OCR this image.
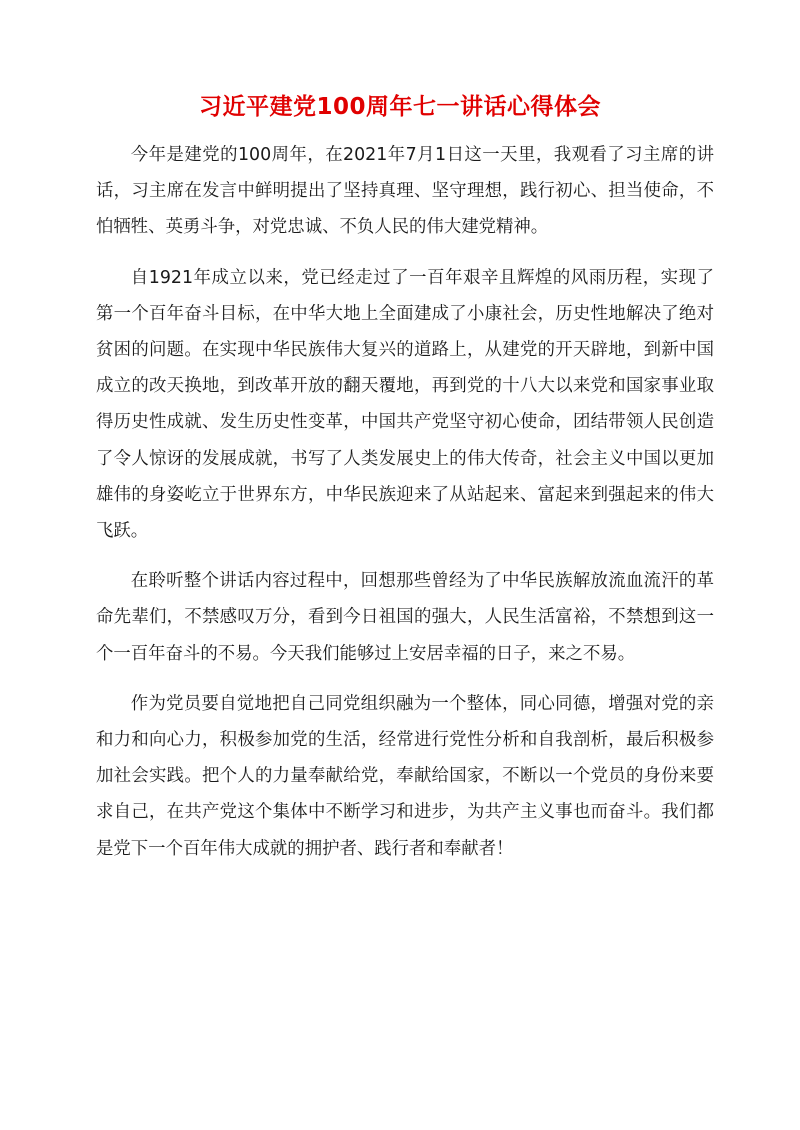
习近平建党100周年七一讲话心得体会

今年是建党的100周年，在2021年7月1日这一天里，我观看了习主席的讲话，习主席在发言中鲜明提出了坚持真理、坚守理想，践行初心、担当使命，不怕牺牲、英勇斗争，对党忠诚、不负人民的伟大建党精神。

自1921年成立以来，党已经走过了一百年艰辛且辉煌的风雨历程，实现了第一个百年奋斗目标，在中华大地上全面建成了小康社会，历史性地解决了绝对贫困的问题。在实现中华民族伟大复兴的道路上，从建党的开天辟地，到新中国成立的改天换地，到改革开放的翻天覆地，再到党的十八大以来党和国家事业取得历史性成就、发生历史性变革，中国共产党坚守初心使命，团结带领人民创造了令人惊讶的发展成就，书写了人类发展史上的伟大传奇，社会主义中国以更加雄伟的身姿屹立于世界东方，中华民族迎来了从站起来、富起来到强起来的伟大飞跃。

在聆听整个讲话内容过程中，回想那些曾经为了中华民族解放流血流汗的革命先辈们，不禁感叹万分，看到今日祖国的强大，人民生活富裕，不禁想到这一个一百年奋斗的不易。今天我们能够过上安居幸福的日子，来之不易。

作为党员要自觉地把自己同党组织融为一个整体，同心同德，增强对党的亲和力和向心力，积极参加党的生活，经常进行党性分析和自我剖析，最后积极参加社会实践。把个人的力量奉献给党，奉献给国家，不断以一个党员的身份来要求自己，在共产党这个集体中不断学习和进步，为共产主义事也而奋斗。我们都是党下一个百年伟大成就的拥护者、践行者和奉献者！
